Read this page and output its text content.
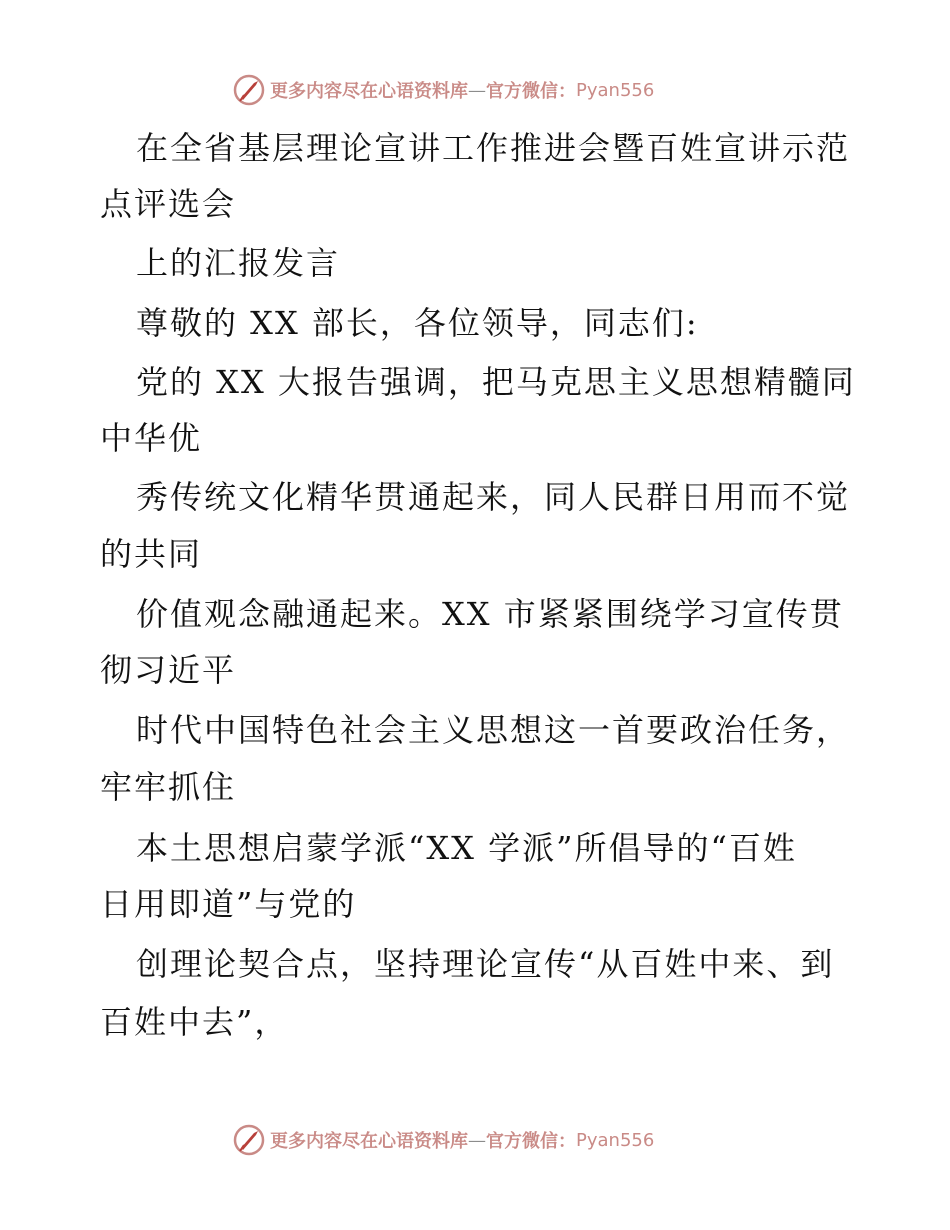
更多内容尽在心语资料库 — 官方微信： Pyan556
在全省基层理论宣讲工作推进会暨百姓宣讲示范
点评选会
上的汇报发言
尊敬的 XX 部长，各位领导，同志们:
党的 XX 大报告强调，把马克思主义思想精髓同
中华优
秀传统文化精华贯通起来，同人民群日用而不觉
的共同
价值观念融通起来。XX 市紧紧围绕学习宣传贯
彻习近平
时代中国特色社会主义思想这一首要政治任务，
牢牢抓住
本土思想启蒙学派“XX 学派”所倡导的“百姓
日用即道”与党的
创理论契合点，坚持理论宣传“从百姓中来、到
百姓中去”，
更多内容尽在心语资料库 — 官方微信： Pyan556
